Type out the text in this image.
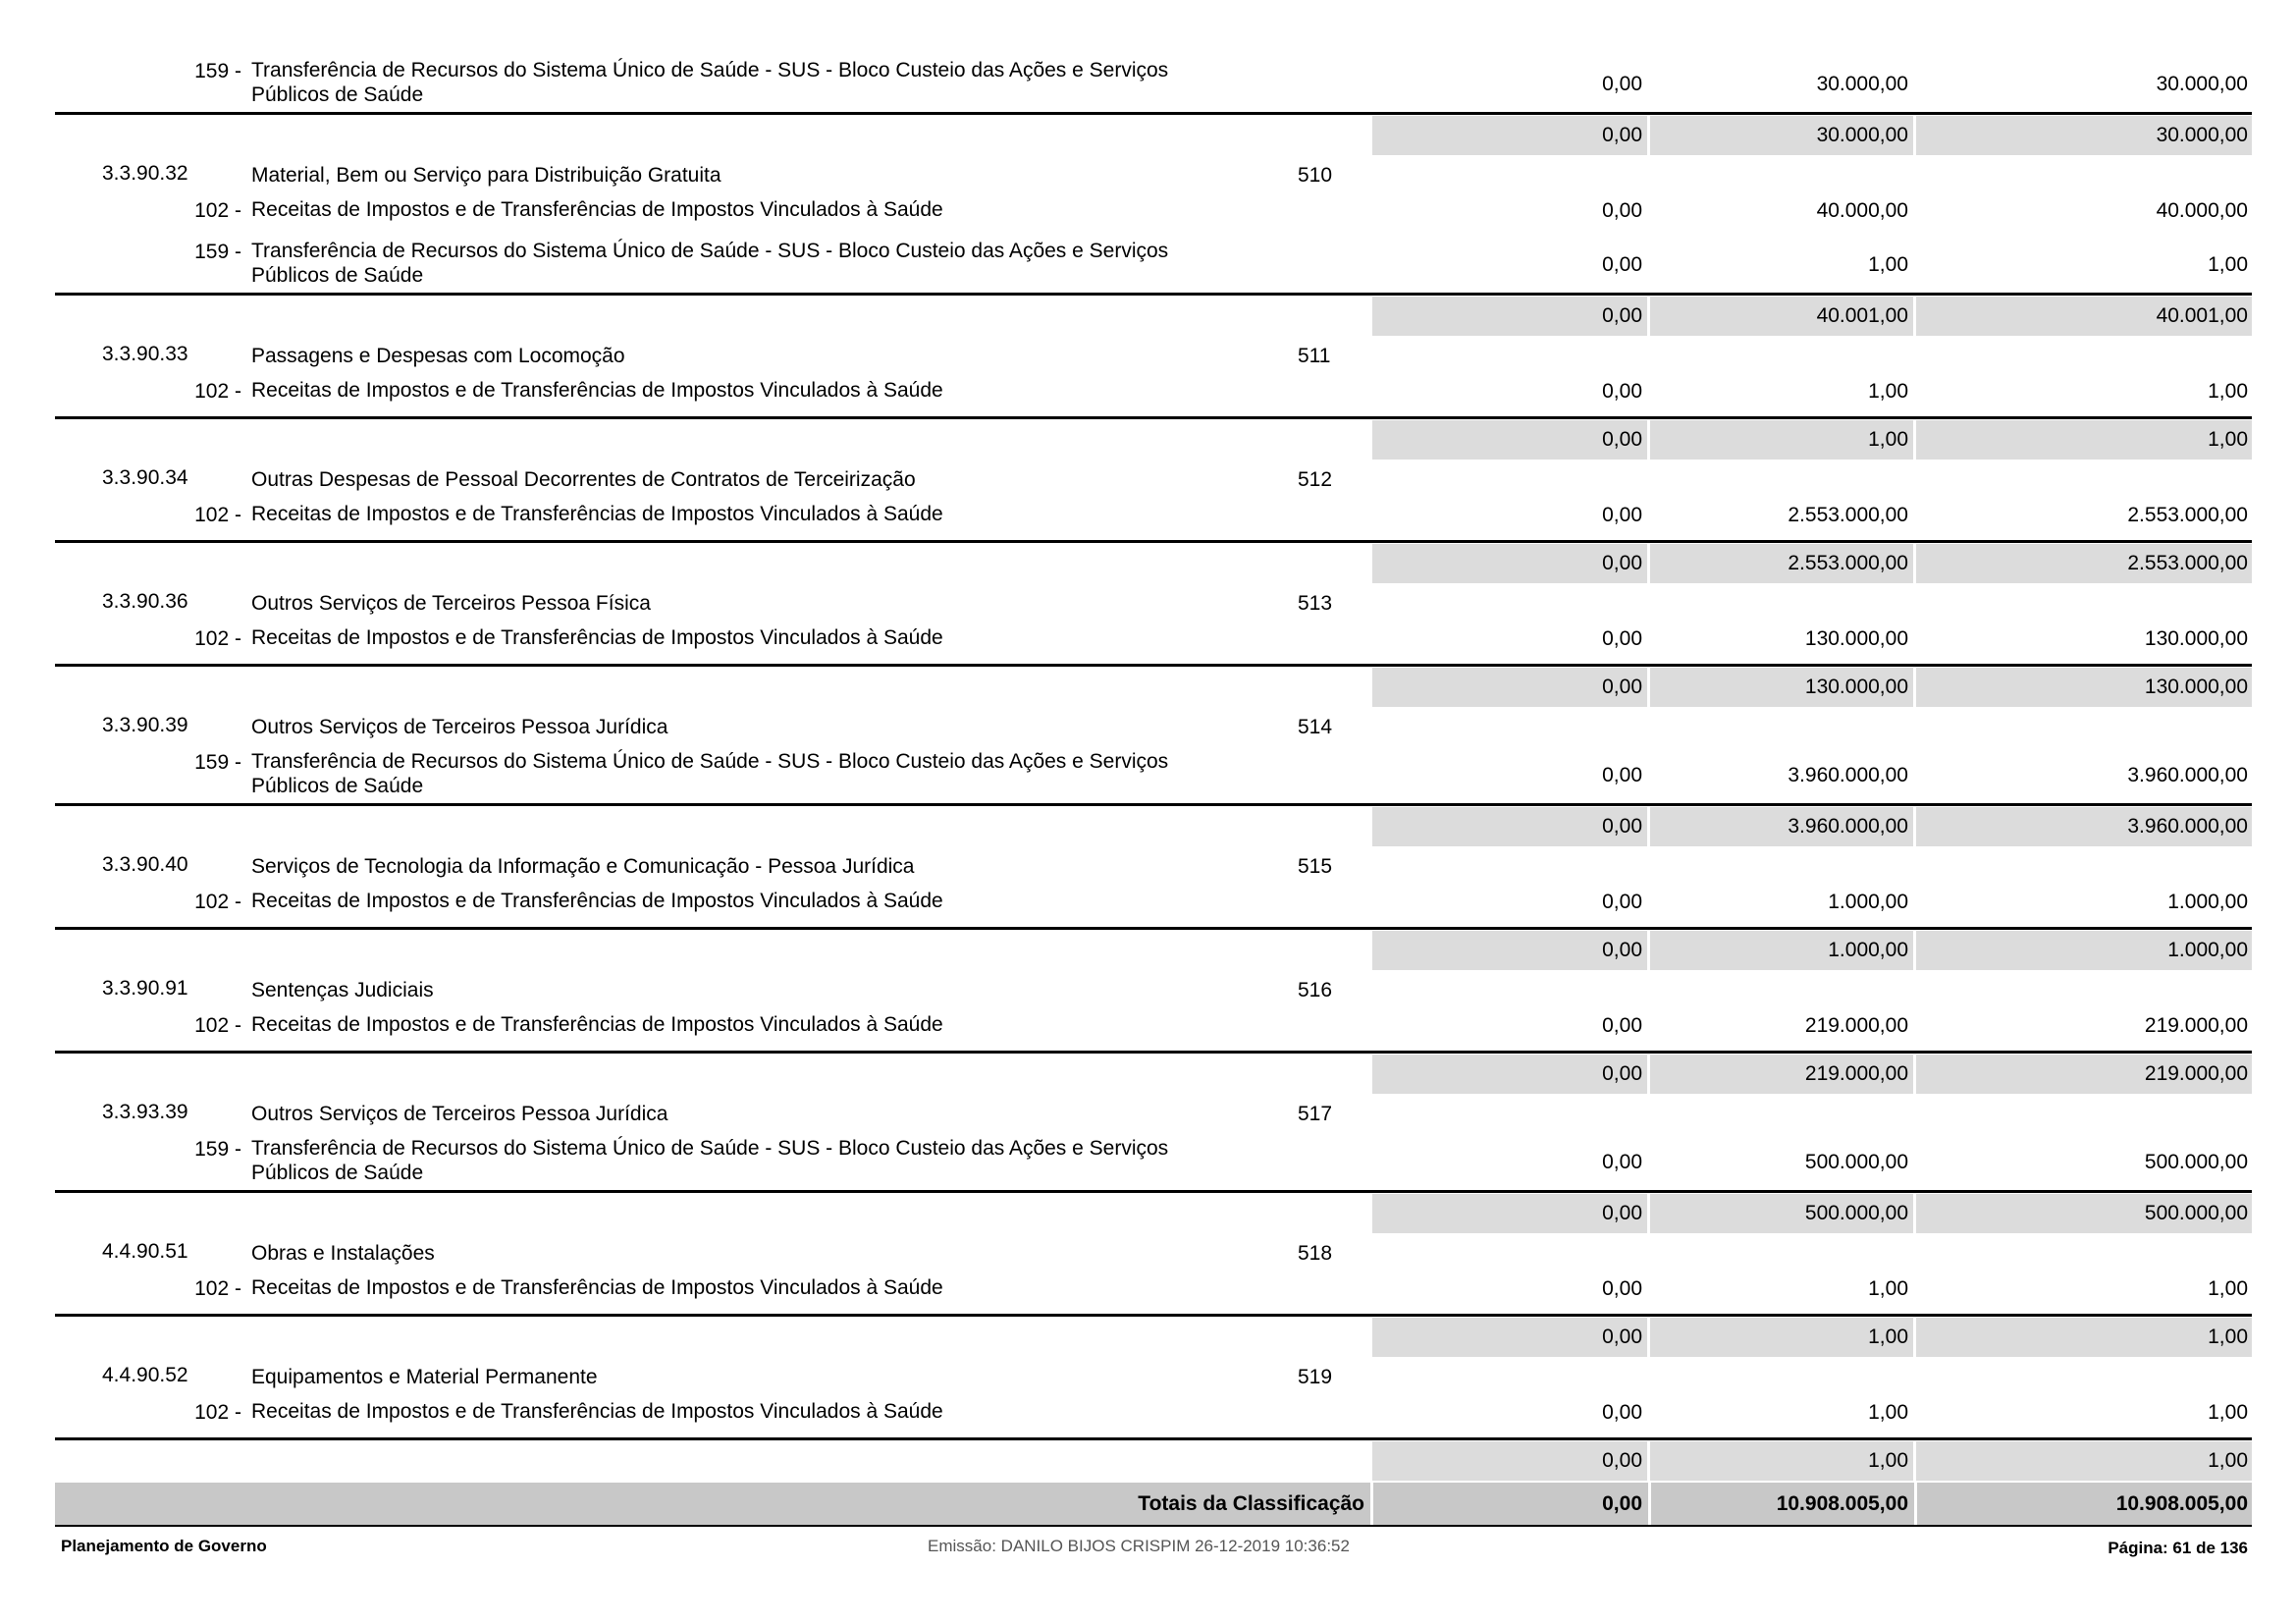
159 - Transferência de Recursos do Sistema Único de Saúde - SUS - Bloco Custeio das Ações e Serviços
Públicos de Saúde	0,00	30.000,00	30.000,00
0,00	30.000,00	30.000,00
3.3.90.32	Material, Bem ou Serviço para Distribuição Gratuita	510
102 - Receitas de Impostos e de Transferências de Impostos Vinculados à Saúde	0,00	40.000,00	40.000,00
159 - Transferência de Recursos do Sistema Único de Saúde - SUS - Bloco Custeio das Ações e Serviços
Públicos de Saúde	0,00	1,00	1,00
0,00	40.001,00	40.001,00
3.3.90.33	Passagens e Despesas com Locomoção	511
102 - Receitas de Impostos e de Transferências de Impostos Vinculados à Saúde	0,00	1,00	1,00
0,00	1,00	1,00
3.3.90.34	Outras Despesas de Pessoal Decorrentes de Contratos de Terceirização	512
102 - Receitas de Impostos e de Transferências de Impostos Vinculados à Saúde	0,00	2.553.000,00	2.553.000,00
0,00	2.553.000,00	2.553.000,00
3.3.90.36	Outros Serviços de Terceiros Pessoa Física	513
102 - Receitas de Impostos e de Transferências de Impostos Vinculados à Saúde	0,00	130.000,00	130.000,00
0,00	130.000,00	130.000,00
3.3.90.39	Outros Serviços de Terceiros Pessoa Jurídica	514
159 - Transferência de Recursos do Sistema Único de Saúde - SUS - Bloco Custeio das Ações e Serviços
Públicos de Saúde	0,00	3.960.000,00	3.960.000,00
0,00	3.960.000,00	3.960.000,00
3.3.90.40	Serviços de Tecnologia da Informação e Comunicação - Pessoa Jurídica	515
102 - Receitas de Impostos e de Transferências de Impostos Vinculados à Saúde	0,00	1.000,00	1.000,00
0,00	1.000,00	1.000,00
3.3.90.91	Sentenças Judiciais	516
102 - Receitas de Impostos e de Transferências de Impostos Vinculados à Saúde	0,00	219.000,00	219.000,00
0,00	219.000,00	219.000,00
3.3.93.39	Outros Serviços de Terceiros Pessoa Jurídica	517
159 - Transferência de Recursos do Sistema Único de Saúde - SUS - Bloco Custeio das Ações e Serviços
Públicos de Saúde	0,00	500.000,00	500.000,00
0,00	500.000,00	500.000,00
4.4.90.51	Obras e Instalações	518
102 - Receitas de Impostos e de Transferências de Impostos Vinculados à Saúde	0,00	1,00	1,00
0,00	1,00	1,00
4.4.90.52	Equipamentos e Material Permanente	519
102 - Receitas de Impostos e de Transferências de Impostos Vinculados à Saúde	0,00	1,00	1,00
0,00	1,00	1,00
Totais da Classificação	0,00	10.908.005,00	10.908.005,00
Planejamento de Governo	Emissão: DANILO BIJOS CRISPIM 26-12-2019 10:36:52	Página: 61 de 136
